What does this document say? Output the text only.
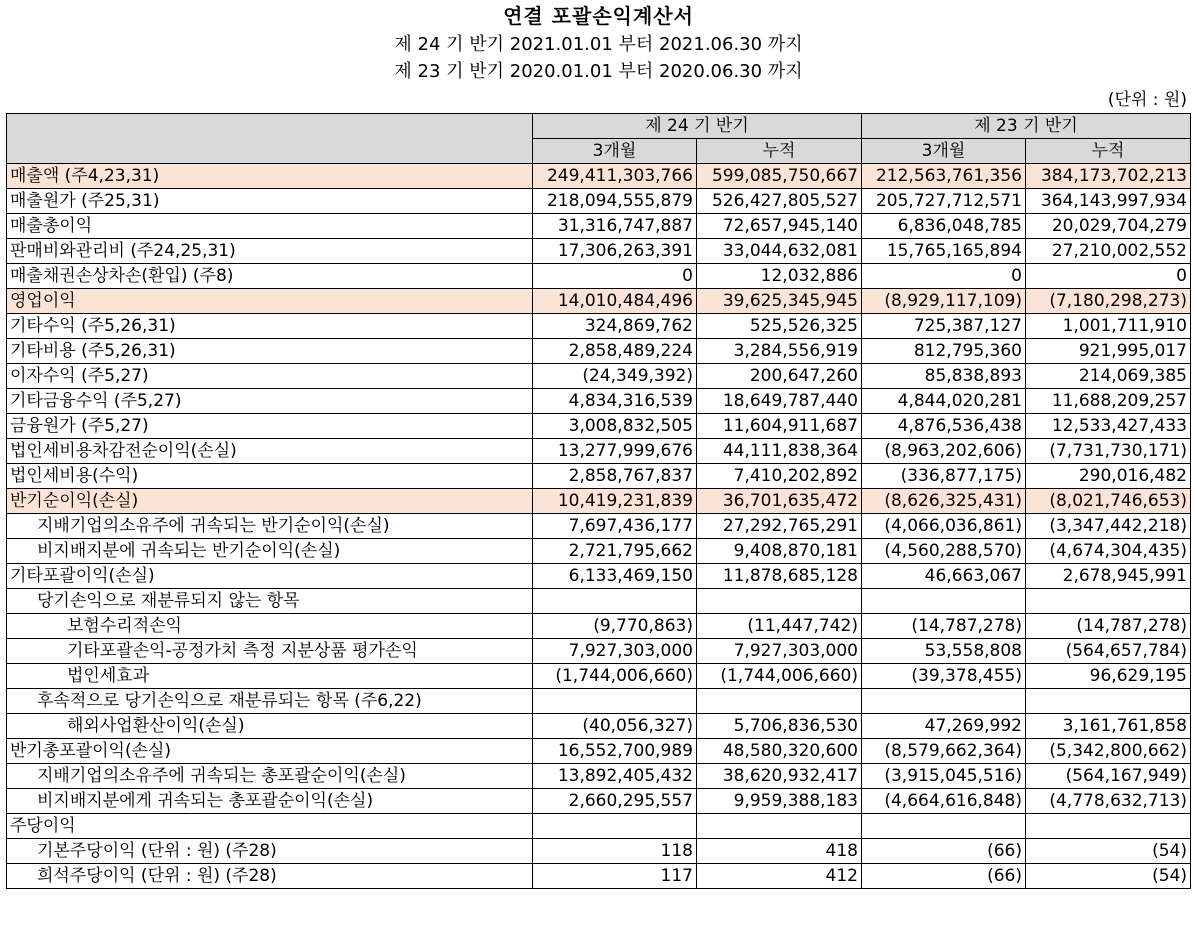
연결 포괄손익계산서
제 24 기 반기 2021.01.01 부터 2021.06.30 까지
제 23 기 반기 2020.01.01 부터 2020.06.30 까지
(단위 : 원)
	제 24 기 반기		제 23 기 반기	
	3개월	누적	3개월	누적
매출액 (주4,23,31)	249,411,303,766	599,085,750,667	212,563,761,356	384,173,702,213
매출원가 (주25,31)	218,094,555,879	526,427,805,527	205,727,712,571	364,143,997,934
매출총이익	31,316,747,887	72,657,945,140	6,836,048,785	20,029,704,279
판매비와관리비 (주24,25,31)	17,306,263,391	33,044,632,081	15,765,165,894	27,210,002,552
매출채권손상차손(환입) (주8)	0	12,032,886	0	0
영업이익	14,010,484,496	39,625,345,945	(8,929,117,109)	(7,180,298,273)
기타수익 (주5,26,31)	324,869,762	525,526,325	725,387,127	1,001,711,910
기타비용 (주5,26,31)	2,858,489,224	3,284,556,919	812,795,360	921,995,017
이자수익 (주5,27)	(24,349,392)	200,647,260	85,838,893	214,069,385
기타금융수익 (주5,27)	4,834,316,539	18,649,787,440	4,844,020,281	11,688,209,257
금융원가 (주5,27)	3,008,832,505	11,604,911,687	4,876,536,438	12,533,427,433
법인세비용차감전순이익(손실)	13,277,999,676	44,111,838,364	(8,963,202,606)	(7,731,730,171)
법인세비용(수익)	2,858,767,837	7,410,202,892	(336,877,175)	290,016,482
반기순이익(손실)	10,419,231,839	36,701,635,472	(8,626,325,431)	(8,021,746,653)
지배기업의소유주에 귀속되는 반기순이익(손실)	7,697,436,177	27,292,765,291	(4,066,036,861)	(3,347,442,218)
비지배지분에 귀속되는 반기순이익(손실)	2,721,795,662	9,408,870,181	(4,560,288,570)	(4,674,304,435)
기타포괄이익(손실)	6,133,469,150	11,878,685,128	46,663,067	2,678,945,991
당기손익으로 재분류되지 않는 항목				
보험수리적손익	(9,770,863)	(11,447,742)	(14,787,278)	(14,787,278)
기타포괄손익-공정가치 측정 지분상품 평가손익	7,927,303,000	7,927,303,000	53,558,808	(564,657,784)
법인세효과	(1,744,006,660)	(1,744,006,660)	(39,378,455)	96,629,195
후속적으로 당기손익으로 재분류되는 항목 (주6,22)				
해외사업환산이익(손실)	(40,056,327)	5,706,836,530	47,269,992	3,161,761,858
반기총포괄이익(손실)	16,552,700,989	48,580,320,600	(8,579,662,364)	(5,342,800,662)
지배기업의소유주에 귀속되는 총포괄순이익(손실)	13,892,405,432	38,620,932,417	(3,915,045,516)	(564,167,949)
비지배지분에게 귀속되는 총포괄순이익(손실)	2,660,295,557	9,959,388,183	(4,664,616,848)	(4,778,632,713)
주당이익				
기본주당이익 (단위 : 원) (주28)	118	418	(66)	(54)
희석주당이익 (단위 : 원) (주28)	117	412	(66)	(54)
